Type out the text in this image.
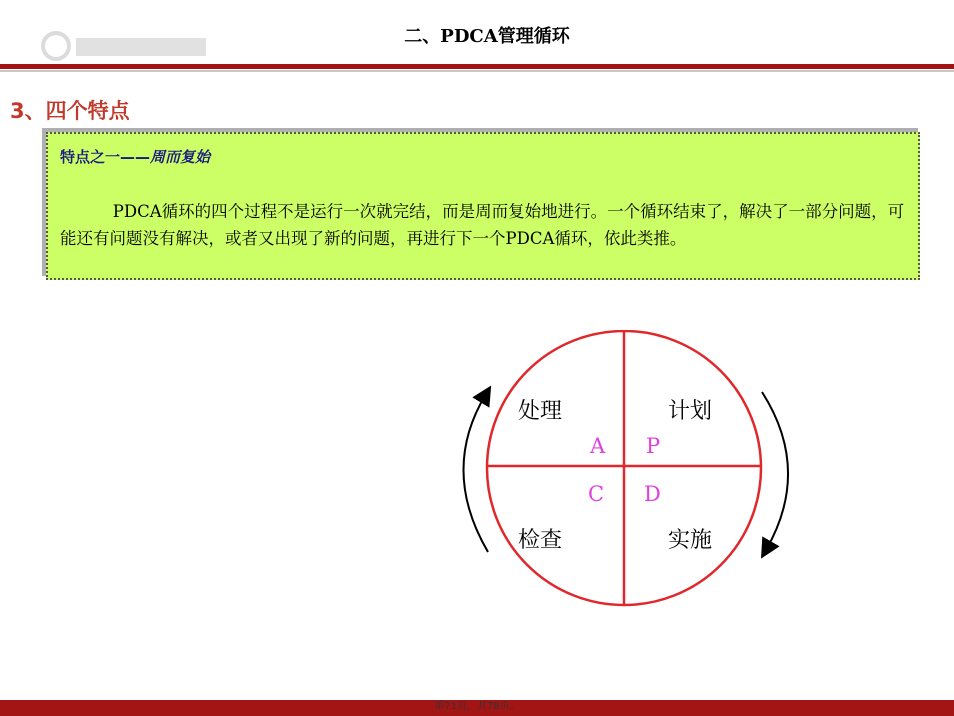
二、PDCA管理循环
3、四个特点
特点之一——周而复始
PDCA循环的四个过程不是运行一次就完结，而是周而复始地进行。一个循环结束了，解决了一部分问题，可能还有问题没有解决，或者又出现了新的问题，再进行下一个PDCA循环，依此类推。
处理	计划
检查	实施
A P
C D
第71页，共78页。
